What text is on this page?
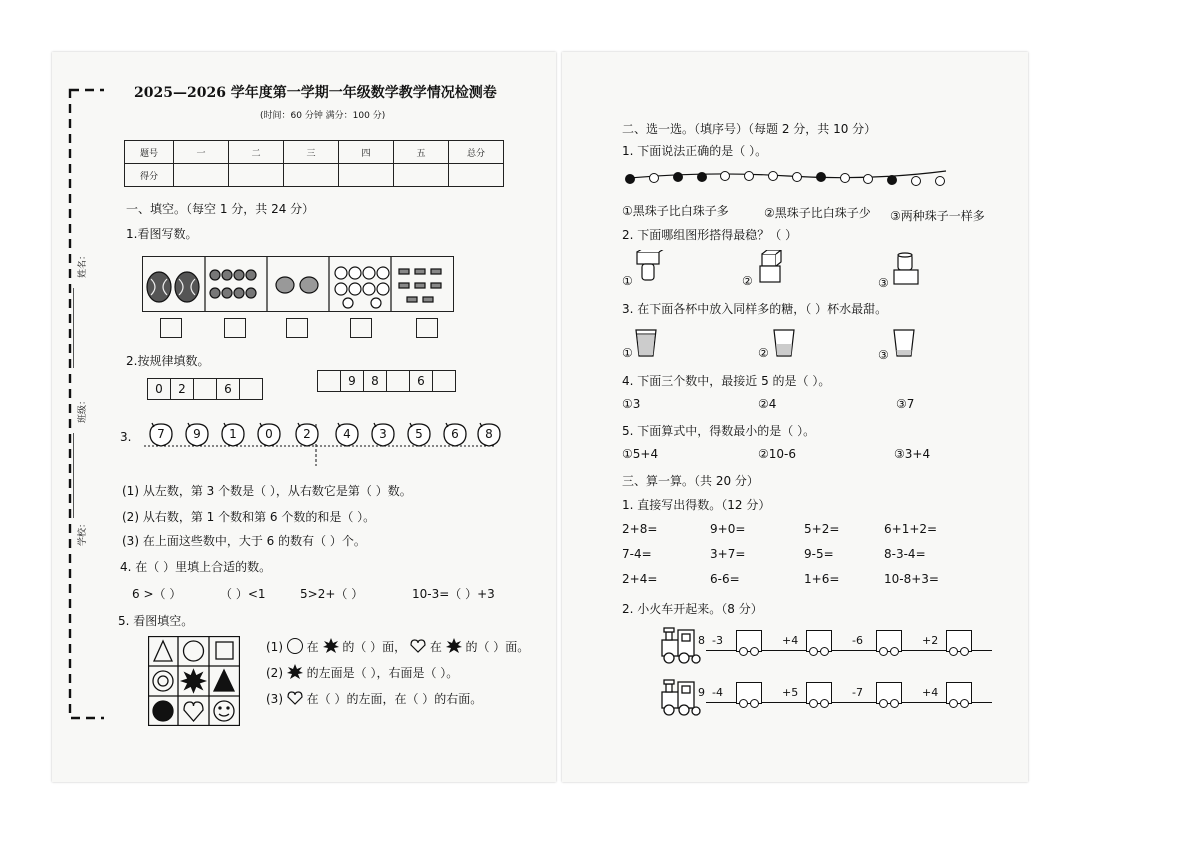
姓名：
班级：
学校：
2025—2026 学年度第一学期一年级数学教学情况检测卷
(时间：60 分钟 满分：100 分)
题号	一	二	三	四	五	总分
得分						
一、填空。（每空 1 分，共 24 分）
1.看图写数。
2.按规律填数。
0 2	6
9 8	6
3.	7	9	1	0	2	4	3	5	6	8
(1) 从左数，第 3 个数是（ ），从右数它是第（ ）数。
(2) 从右数，第 1 个数和第 6 个数的和是（ ）。
(3) 在上面这些数中，大于 6 的数有（ ）个。
4. 在（ ）里填上合适的数。
6 >（ ）	（ ）<1	5>2+（ ）	10-3=（ ）+3
5. 看图填空。
(1) 在 的（ ）面， 在 的（ ）面。
(2) 的左面是（ ），右面是（ ）。
(3) 在（ ）的左面，在（ ）的右面。
二、选一选。（填序号）（每题 2 分，共 10 分）
1. 下面说法正确的是（ ）。
①黑珠子比白珠子多	②黑珠子比白珠子少 ③两种珠子一样多
2. 下面哪组图形搭得最稳？（ ）
①	②	③
3. 在下面各杯中放入同样多的糖，（ ）杯水最甜。
①	②	③
4. 下面三个数中，最接近 5 的是（ ）。
①3	②4	③7
5. 下面算式中，得数最小的是（ ）。
①5+4	②10-6	③3+4
三、算一算。（共 20 分）
1. 直接写出得数。（12 分）
2+8=	9+0=	5+2=	6+1+2=
7-4=	3+7=	9-5=	8-3-4=
2+4=	6-6=	1+6=	10-8+3=
2. 小火车开起来。（8 分）
8 -3	+4	-6	+2
9 -4	+5	-7	+4
